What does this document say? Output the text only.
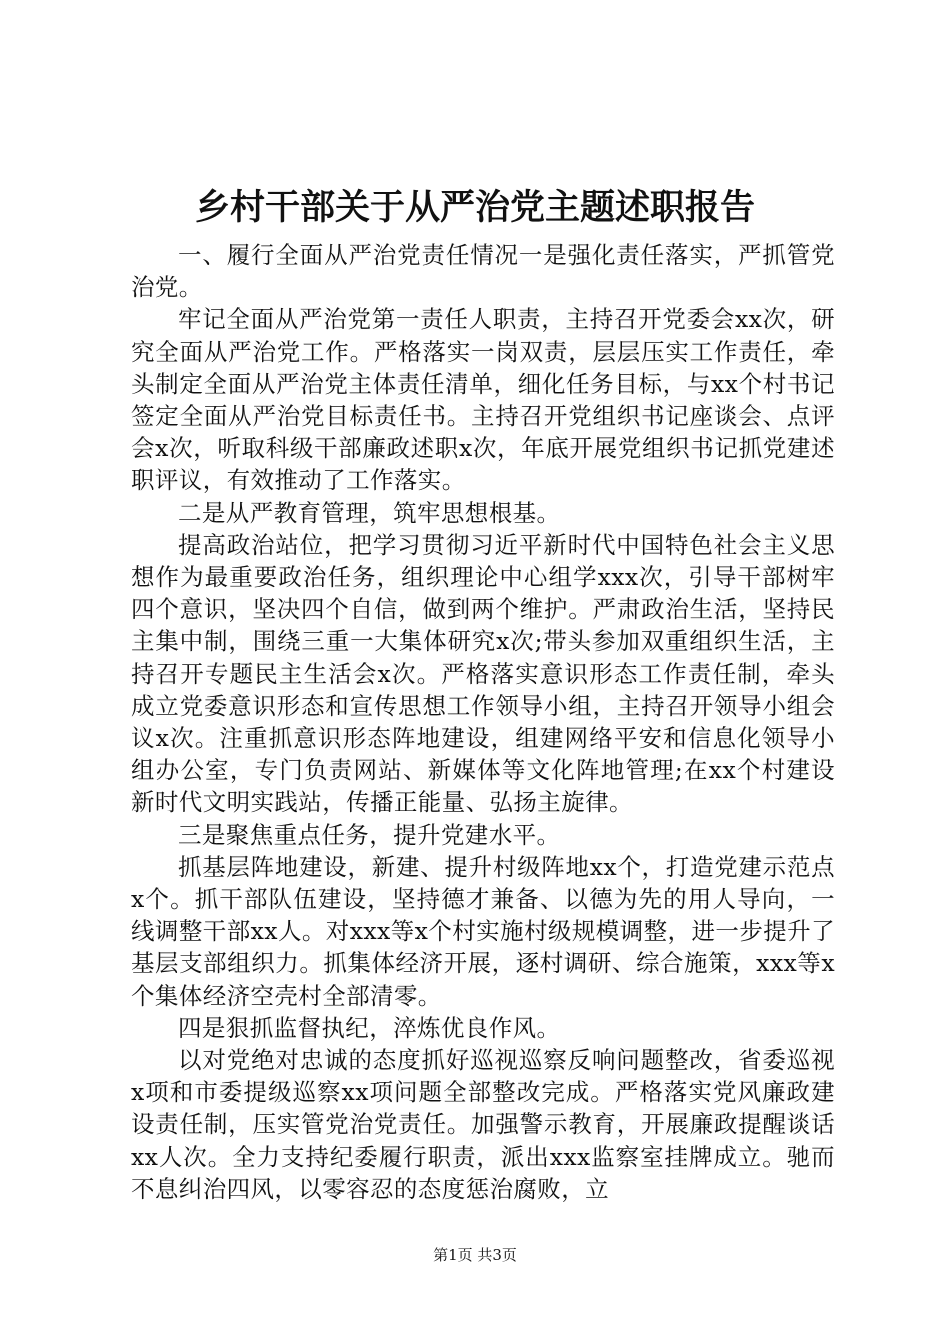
乡村干部关于从严治党主题述职报告

一、履行全面从严治党责任情况一是强化责任落实，严抓管党治党。

牢记全面从严治党第一责任人职责，主持召开党委会xx次，研究全面从严治党工作。严格落实一岗双责，层层压实工作责任，牵头制定全面从严治党主体责任清单，细化任务目标，与xx个村书记签定全面从严治党目标责任书。主持召开党组织书记座谈会、点评会x次，听取科级干部廉政述职x次，年底开展党组织书记抓党建述职评议，有效推动了工作落实。

二是从严教育管理，筑牢思想根基。

提高政治站位，把学习贯彻习近平新时代中国特色社会主义思想作为最重要政治任务，组织理论中心组学xxx次，引导干部树牢四个意识，坚决四个自信，做到两个维护。严肃政治生活，坚持民主集中制，围绕三重一大集体研究x次;带头参加双重组织生活，主持召开专题民主生活会x次。严格落实意识形态工作责任制，牵头成立党委意识形态和宣传思想工作领导小组，主持召开领导小组会议x次。注重抓意识形态阵地建设，组建网络平安和信息化领导小组办公室，专门负责网站、新媒体等文化阵地管理;在xx个村建设新时代文明实践站，传播正能量、弘扬主旋律。

三是聚焦重点任务，提升党建水平。

抓基层阵地建设，新建、提升村级阵地xx个，打造党建示范点x个。抓干部队伍建设，坚持德才兼备、以德为先的用人导向，一线调整干部xx人。对xxx等x个村实施村级规模调整，进一步提升了基层支部组织力。抓集体经济开展，逐村调研、综合施策，xxx等x个集体经济空壳村全部清零。

四是狠抓监督执纪，淬炼优良作风。

以对党绝对忠诚的态度抓好巡视巡察反响问题整改，省委巡视x项和市委提级巡察xx项问题全部整改完成。严格落实党风廉政建设责任制，压实管党治党责任。加强警示教育，开展廉政提醒谈话xx人次。全力支持纪委履行职责，派出xxx监察室挂牌成立。驰而不息纠治四风，以零容忍的态度惩治腐败，立

第1页 共3页
